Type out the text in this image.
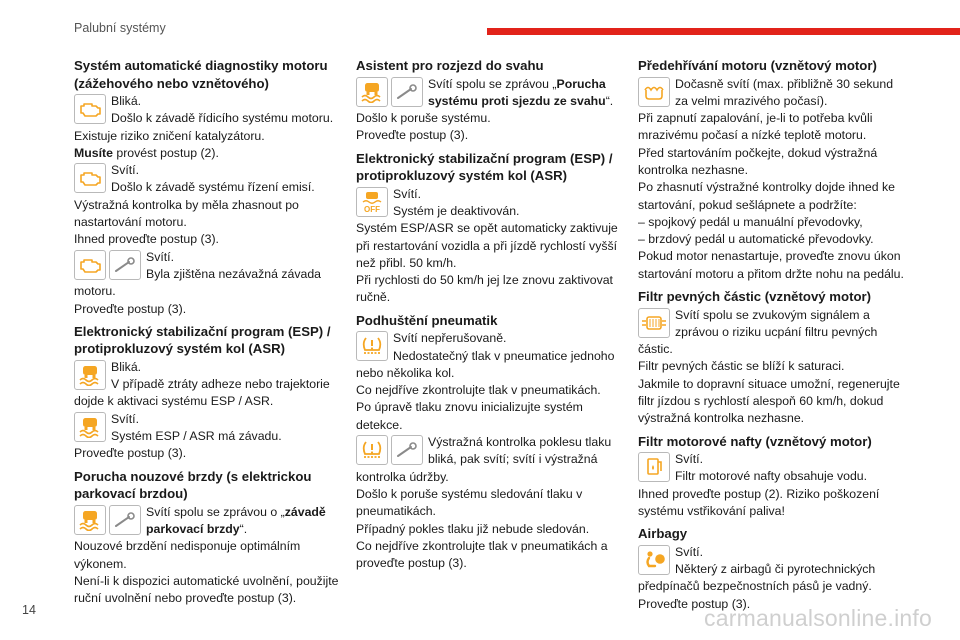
Palubní systémy
Systém automatické diagnostiky motoru (zážehového nebo vznětového)

Bliká.

Došlo k závadě řídicího systému motoru. Existuje riziko zničení katalyzátoru.

Musíte provést postup (2).

Svítí.

Došlo k závadě systému řízení emisí. Výstražná kontrolka by měla zhasnout po nastartování motoru.

Ihned proveďte postup (3).

Svítí.

Byla zjištěna nezávažná závada motoru.

Proveďte postup (3).

Elektronický stabilizační program (ESP) / protiprokluzový systém kol (ASR)

Bliká.

V případě ztráty adheze nebo trajektorie dojde k aktivaci systému ESP / ASR.

Svítí.

Systém ESP / ASR má závadu.

Proveďte postup (3).

Porucha nouzové brzdy (s elektrickou parkovací brzdou)

Svítí spolu se zprávou o „závadě parkovací brzdy“.

Nouzové brzdění nedisponuje optimálním výkonem.

Není-li k dispozici automatické uvolnění, použijte ruční uvolnění nebo proveďte postup (3).

Asistent pro rozjezd do svahu

Svítí spolu se zprávou „Porucha systému proti sjezdu ze svahu“.

Došlo k poruše systému.

Proveďte postup (3).

Elektronický stabilizační program (ESP) / protiprokluzový systém kol (ASR)
OFF

Svítí.

Systém je deaktivován.

Systém ESP/ASR se opět automaticky zaktivuje při restartování vozidla a při jízdě rychlostí vyšší než přibl. 50 km/h.

Při rychlosti do 50 km/h jej lze znovu zaktivovat ručně.

Podhuštění pneumatik

Svítí nepřerušovaně.

Nedostatečný tlak v pneumatice jednoho nebo několika kol.

Co nejdříve zkontrolujte tlak v pneumatikách.

Po úpravě tlaku znovu inicializujte systém detekce.

Výstražná kontrolka poklesu tlaku bliká, pak svítí; svítí i výstražná kontrolka údržby.

Došlo k poruše systému sledování tlaku v pneumatikách.

Případný pokles tlaku již nebude sledován.

Co nejdříve zkontrolujte tlak v pneumatikách a proveďte postup (3).

Předehřívání motoru (vznětový motor)

Dočasně svítí (max. přibližně 30 sekund za velmi mrazivého počasí).

Při zapnutí zapalování, je-li to potřeba kvůli mrazivému počasí a nízké teplotě motoru.

Před startováním počkejte, dokud výstražná kontrolka nezhasne.

Po zhasnutí výstražné kontrolky dojde ihned ke startování, pokud sešlápnete a podržíte:

– spojkový pedál u manuální převodovky,

– brzdový pedál u automatické převodovky.

Pokud motor nenastartuje, proveďte znovu úkon startování motoru a přitom držte nohu na pedálu.

Filtr pevných částic (vznětový motor)

Svítí spolu se zvukovým signálem a zprávou o riziku ucpání filtru pevných částic.

Filtr pevných částic se blíží k saturaci.

Jakmile to dopravní situace umožní, regenerujte filtr jízdou s rychlostí alespoň 60 km/h, dokud výstražná kontrolka nezhasne.

Filtr motorové nafty (vznětový motor)

Svítí.

Filtr motorové nafty obsahuje vodu.

Ihned proveďte postup (2). Riziko poškození systému vstřikování paliva!

Airbagy

Svítí.

Některý z airbagů či pyrotechnických předpínačů bezpečnostních pásů je vadný.

Proveďte postup (3).

14	carmanualsonline.info
